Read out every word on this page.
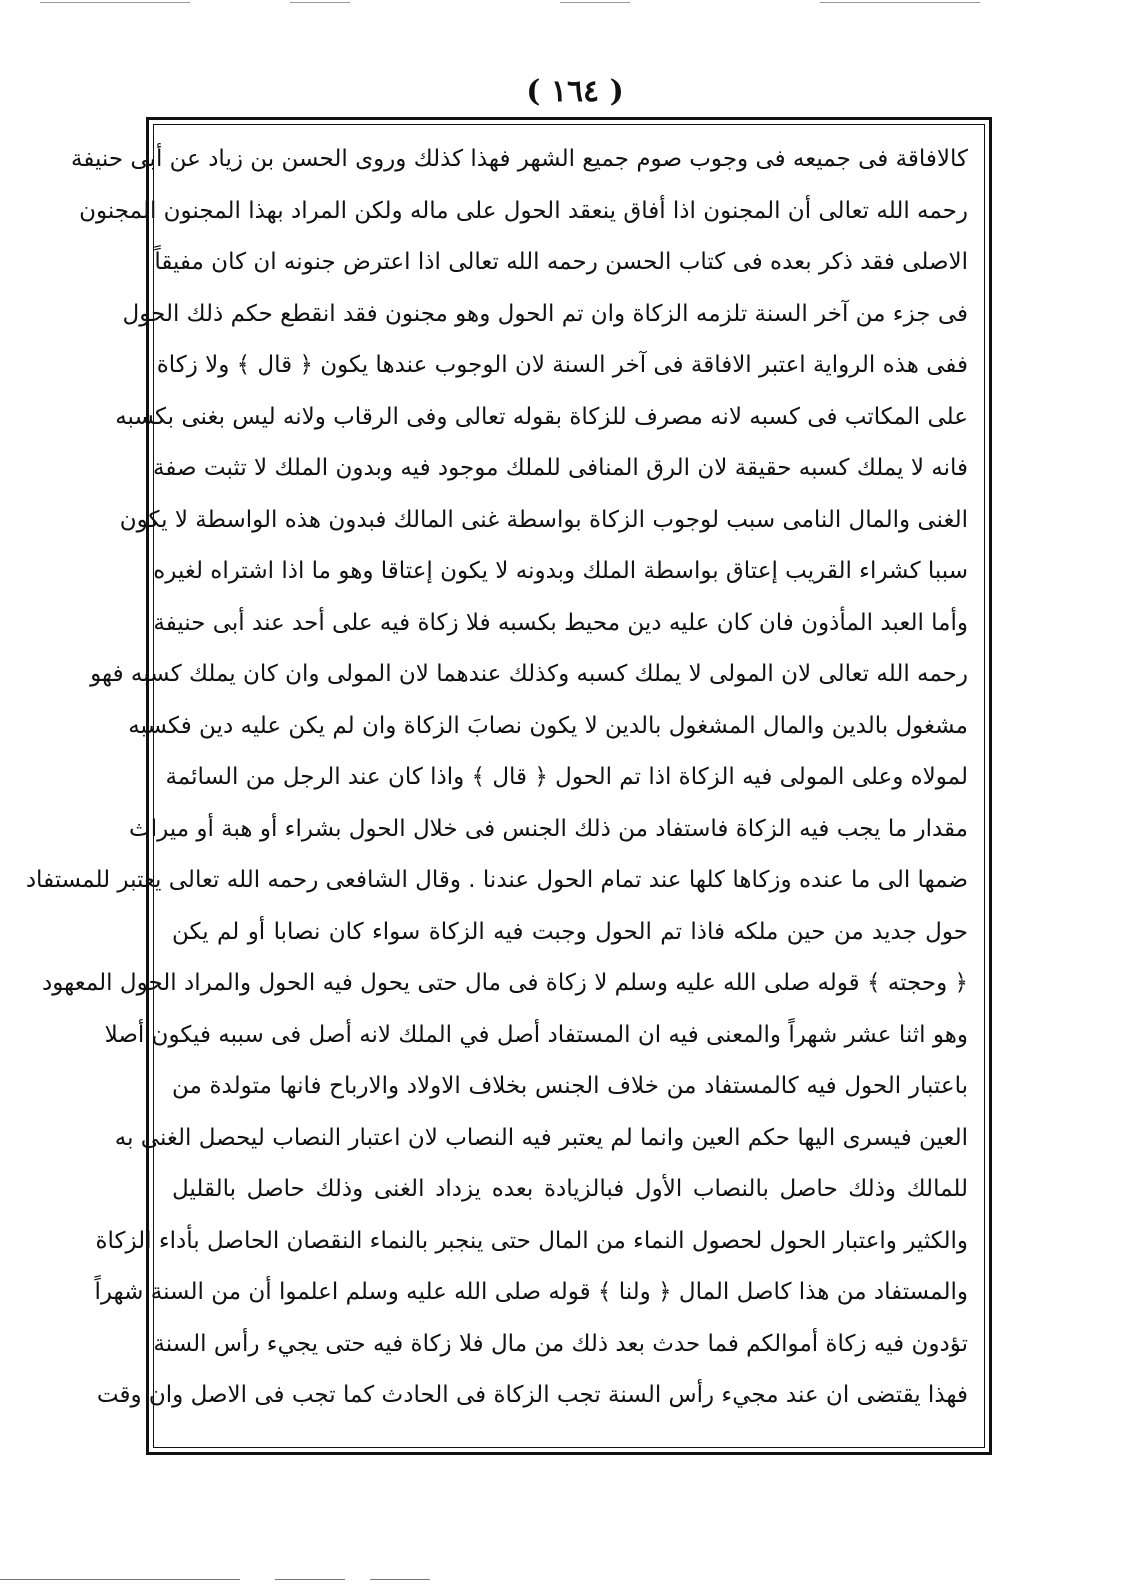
( ١٦٤ )
كالافاقة فى جميعه فى وجوب صوم جميع الشهر فهذا كذلك وروى الحسن بن زياد عن أبى حنيفة
رحمه الله تعالى أن المجنون اذا أفاق ينعقد الحول على ماله ولكن المراد بهذا المجنون المجنون
الاصلى فقد ذكر بعده فى كتاب الحسن رحمه الله تعالى اذا اعترض جنونه ان كان مفيقاً
فى جزء من آخر السنة تلزمه الزكاة وان تم الحول وهو مجنون فقد انقطع حكم ذلك الحول
ففى هذه الرواية اعتبر الافاقة فى آخر السنة لان الوجوب عندها يكون ﴿ قال ﴾ ولا زكاة
على المكاتب فى كسبه لانه مصرف للزكاة بقوله تعالى وفى الرقاب ولانه ليس بغنى بكسبه
فانه لا يملك كسبه حقيقة لان الرق المنافى للملك موجود فيه وبدون الملك لا تثبت صفة
الغنى والمال النامى سبب لوجوب الزكاة بواسطة غنى المالك فبدون هذه الواسطة لا يكون
سببا كشراء القريب إعتاق بواسطة الملك وبدونه لا يكون إعتاقا وهو ما اذا اشتراه لغيره
وأما العبد المأذون فان كان عليه دين محيط بكسبه فلا زكاة فيه على أحد عند أبى حنيفة
رحمه الله تعالى لان المولى لا يملك كسبه وكذلك عندهما لان المولى وان كان يملك كسبه فهو
مشغول بالدين والمال المشغول بالدين لا يكون نصابَ الزكاة وان لم يكن عليه دين فكسبه
لمولاه وعلى المولى فيه الزكاة اذا تم الحول ﴿ قال ﴾ واذا كان عند الرجل من السائمة
مقدار ما يجب فيه الزكاة فاستفاد من ذلك الجنس فى خلال الحول بشراء أو هبة أو ميراث
ضمها الى ما عنده وزكاها كلها عند تمام الحول عندنا . وقال الشافعى رحمه الله تعالى يعتبر للمستفاد
حول جديد من حين ملكه فاذا تم الحول وجبت فيه الزكاة سواء كان نصابا أو لم يكن
﴿ وحجته ﴾ قوله صلى الله عليه وسلم لا زكاة فى مال حتى يحول فيه الحول والمراد الحول المعهود
وهو اثنا عشر شهراً والمعنى فيه ان المستفاد أصل في الملك لانه أصل فى سببه فيكون أصلا
باعتبار الحول فيه كالمستفاد من خلاف الجنس بخلاف الاولاد والارباح فانها متولدة من
العين فيسرى اليها حكم العين وانما لم يعتبر فيه النصاب لان اعتبار النصاب ليحصل الغنى به
للمالك وذلك حاصل بالنصاب الأول فبالزيادة بعده يزداد الغنى وذلك حاصل بالقليل
والكثير واعتبار الحول لحصول النماء من المال حتى ينجبر بالنماء النقصان الحاصل بأداء الزكاة
والمستفاد من هذا كاصل المال ﴿ ولنا ﴾ قوله صلى الله عليه وسلم اعلموا أن من السنة شهراً
تؤدون فيه زكاة أموالكم فما حدث بعد ذلك من مال فلا زكاة فيه حتى يجيء رأس السنة
فهذا يقتضى ان عند مجيء رأس السنة تجب الزكاة فى الحادث كما تجب فى الاصل وان وقت
